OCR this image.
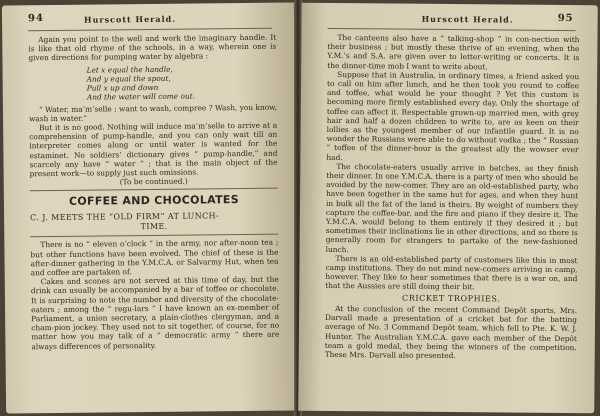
94	Hurscott Herald.

Again you point to the well and work the imaginary handle. It is like that old rhyme of the schools, in a way, wherein one is given directions for pumping water by algebra :

Let x equal the handle,
And y equal the spout,
Pull x up and down
And the water will come out.

“ Water, ma’m’selle ; want to wash, compree ? Wash, you know, wash in water.”

But it is no good. Nothing will induce ma’m’selle to arrive at a comprehension of pump-handle, and you can only wait till an interpreter comes along or until water is wanted for the estaminet. No soldiers’ dictionary gives “ pump-handle,” and scarcely any have “ water ” ; that is the main object of the present work—to supply just such omissions.

(To be continued.)

COFFEE AND CHOCOLATES
C. J. MEETS THE “OLD FIRM” AT LUNCH-
TIME.

There is no “ eleven o’clock ” in the army, nor after-noon tea ; but other functions have been evolved. The chief of these is the after-dinner gathering in the Y.M.C.A. or Salvarmy Hut, when tea and coffee are partaken of.

Cakes and scones are not served at this time of day, but the drink can usually be accompanied by a bar of toffee or chocolate. It is surprising to note the number and diversity of the chocolate-eaters ; among the “ regu-lars ” I have known an ex-member of Parliament, a union secretary, a plain-clothes clergyman, and a cham-pion jockey. They used not to sit together, of course, for no matter how you may talk of a “ democratic army ” there are always differences of personality.

Hurscott Herald.	95

The canteens also have a “ talking-shop ” in con-nection with their business ; but mostly these thrive of an evening, when the Y.M.’s and S.A. are given over to letter-writing or concerts. It is the dinner-time mob I want to write about.

Suppose that in Australia, in ordinary times, a friend asked you to call on him after lunch, and he then took you round to coffee and toffee, what would be your thought ? Yet this custom is becoming more firmly established every day. Only the shortage of toffee can affect it. Respectable grown-up married men, with grey hair and half a dozen children to write to, are as keen on their lollies as the youngest member of our infantile guard. It is no wonder the Russians were able to do without vodka ; the “ Russian ” toffee of the dinner-hour is the greatest ally the wowser ever had.

The chocolate-eaters usually arrive in batches, as they finish their dinner. In one Y.M.C.A. there is a party of men who should be avoided by the new-comer. They are an old-established party, who have been together in the same hut for ages, and when they hunt in bulk all the fat of the land is theirs. By weight of numbers they capture the coffee-bar, and the fire and piano if they desire it. The Y.M.C.A. would belong to them entirely if they desired it ; but sometimes their inclinations lie in other directions, and so there is generally room for strangers to partake of the new-fashioned lunch.

There is an old-established party of customers like this in most camp institutions. They do not mind new-comers arriving in camp, however. They like to hear sometimes that there is a war on, and that the Aussies are still doing their bit.

CRICKET TROPHIES.

At the conclusion of the recent Command Depôt sports, Mrs. Darvall made a presentation of a cricket bat for the batting average of No. 3 Command Depôt team, which fell to Pte. K. W. J. Hunter. The Australian Y.M.C.A. gave each member of the Depôt team a gold medal, they being the winners of the competition. These Mrs. Darvall also presented.
